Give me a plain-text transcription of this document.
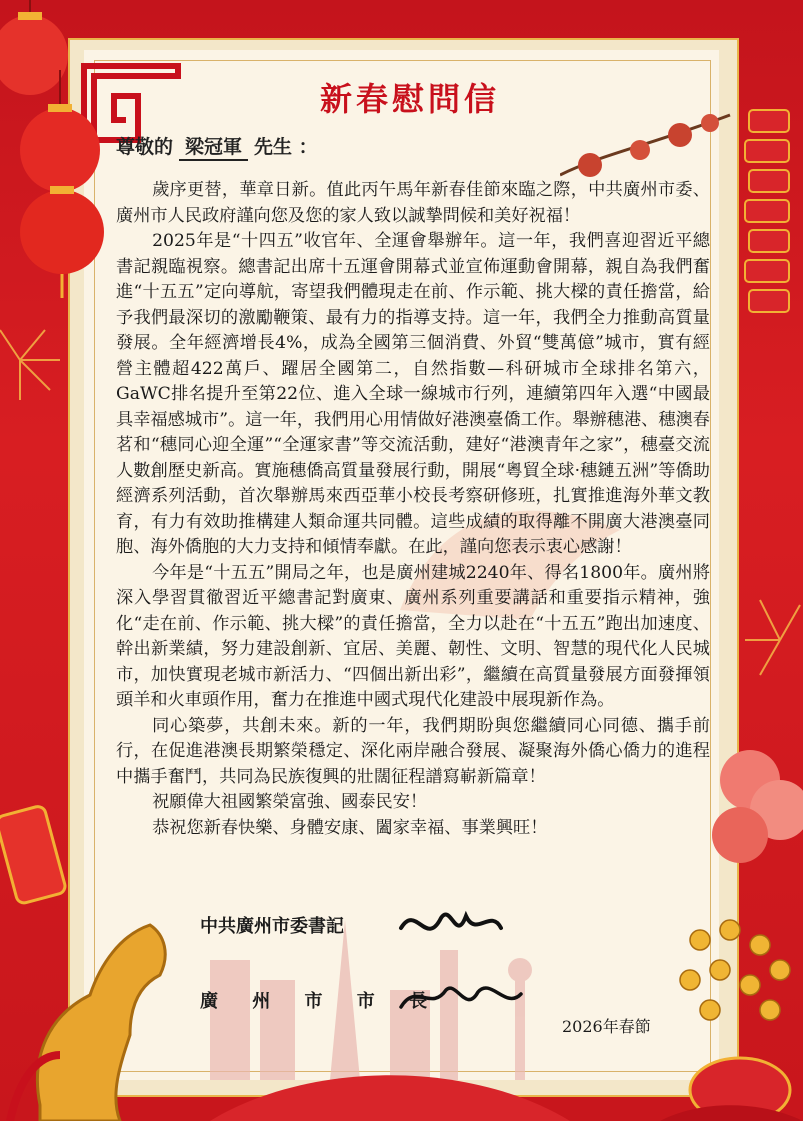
新春慰問信
尊敬的 梁冠軍 先生 ：

歲序更替，華章日新。值此丙午馬年新春佳節來臨之際，中共廣州市委、廣州市人民政府謹向您及您的家人致以誠摯問候和美好祝福！

2025年是“十四五”收官年、全運會舉辦年。這一年，我們喜迎習近平總書記親臨視察。總書記出席十五運會開幕式並宣佈運動會開幕，親自為我們奮進“十五五”定向導航，寄望我們體現走在前、作示範、挑大樑的責任擔當，給予我們最深切的激勵鞭策、最有力的指導支持。這一年，我們全力推動高質量發展。全年經濟增長4%，成為全國第三個消費、外貿“雙萬億”城市，實有經營主體超422萬戶、躍居全國第二，自然指數—科研城市全球排名第六，GaWC排名提升至第22位、進入全球一線城市行列，連續第四年入選“中國最具幸福感城市”。這一年，我們用心用情做好港澳臺僑工作。舉辦穗港、穗澳春茗和“穗同心迎全運”“全運家書”等交流活動，建好“港澳青年之家”，穗臺交流人數創歷史新高。實施穗僑高質量發展行動，開展“粵貿全球·穗鏈五洲”等僑助經濟系列活動，首次舉辦馬來西亞華小校長考察研修班，扎實推進海外華文教育，有力有效助推構建人類命運共同體。這些成績的取得離不開廣大港澳臺同胞、海外僑胞的大力支持和傾情奉獻。在此，謹向您表示衷心感謝！

今年是“十五五”開局之年，也是廣州建城2240年、得名1800年。廣州將深入學習貫徹習近平總書記對廣東、廣州系列重要講話和重要指示精神，強化“走在前、作示範、挑大樑”的責任擔當，全力以赴在“十五五”跑出加速度、幹出新業績，努力建設創新、宜居、美麗、韌性、文明、智慧的現代化人民城市，加快實現老城市新活力、“四個出新出彩”，繼續在高質量發展方面發揮領頭羊和火車頭作用，奮力在推進中國式現代化建設中展現新作為。

同心築夢，共創未來。新的一年，我們期盼與您繼續同心同德、攜手前行，在促進港澳長期繁榮穩定、深化兩岸融合發展、凝聚海外僑心僑力的進程中攜手奮鬥，共同為民族復興的壯闊征程譜寫嶄新篇章！

祝願偉大祖國繁榮富強、國泰民安！

恭祝您新春快樂、身體安康、闔家幸福、事業興旺！

中共廣州市委書記
廣 州 市 市 長
2026年春節
